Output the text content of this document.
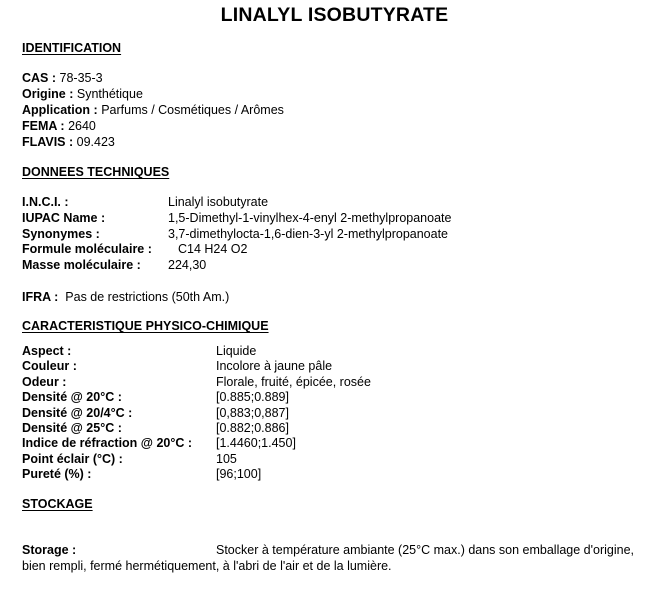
LINALYL ISOBUTYRATE
IDENTIFICATION
CAS : 78-35-3
Origine : Synthétique
Application : Parfums / Cosmétiques / Arômes
FEMA : 2640
FLAVIS : 09.423
DONNEES TECHNIQUES
I.N.C.I. :	Linalyl isobutyrate
IUPAC Name :	1,5-Dimethyl-1-vinylhex-4-enyl 2-methylpropanoate
Synonymes :	3,7-dimethylocta-1,6-dien-3-yl 2-methylpropanoate
Formule moléculaire : C14 H24 O2
Masse moléculaire : 224,30
IFRA : Pas de restrictions (50th Am.)
CARACTERISTIQUE PHYSICO-CHIMIQUE
Aspect :	Liquide
Couleur :	Incolore à jaune pâle
Odeur :	Florale, fruité, épicée, rosée
Densité @ 20°C :	[0.885;0.889]
Densité @ 20/4°C :	[0,883;0,887]
Densité @ 25°C :	[0.882;0.886]
Indice de réfraction @ 20°C : [1.4460;1.450]
Point éclair (°C) :	105
Pureté (%) :	[96;100]
STOCKAGE
Storage :	Stocker à température ambiante (25°C max.) dans son emballage d'origine,
bien rempli, fermé hermétiquement, à l'abri de l'air et de la lumière.
